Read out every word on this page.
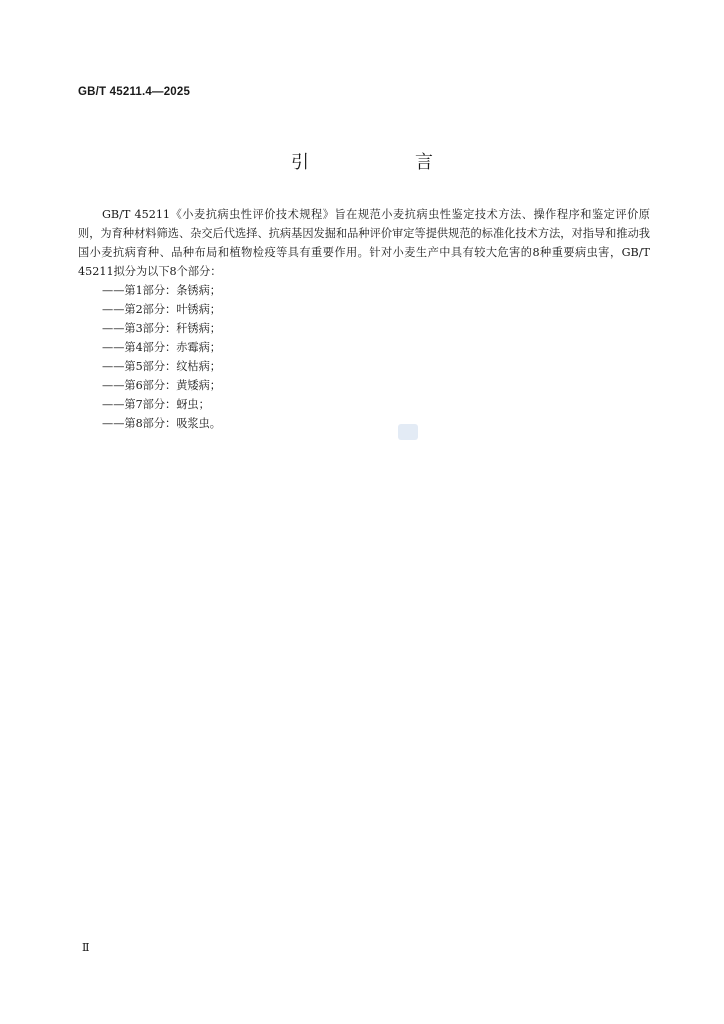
GB/T 45211.4—2025
引　言

GB/T 45211《小麦抗病虫性评价技术规程》旨在规范小麦抗病虫性鉴定技术方法、操作程序和鉴定评价原则，为育种材料筛选、杂交后代选择、抗病基因发掘和品种评价审定等提供规范的标准化技术方法，对指导和推动我国小麦抗病育种、品种布局和植物检疫等具有重要作用。针对小麦生产中具有较大危害的8种重要病虫害，GB/T 45211拟分为以下8个部分：

——第1部分：条锈病；
——第2部分：叶锈病；
——第3部分：秆锈病；
——第4部分：赤霉病；
——第5部分：纹枯病；
——第6部分：黄矮病；
——第7部分：蚜虫；
——第8部分：吸浆虫。
Ⅱ
